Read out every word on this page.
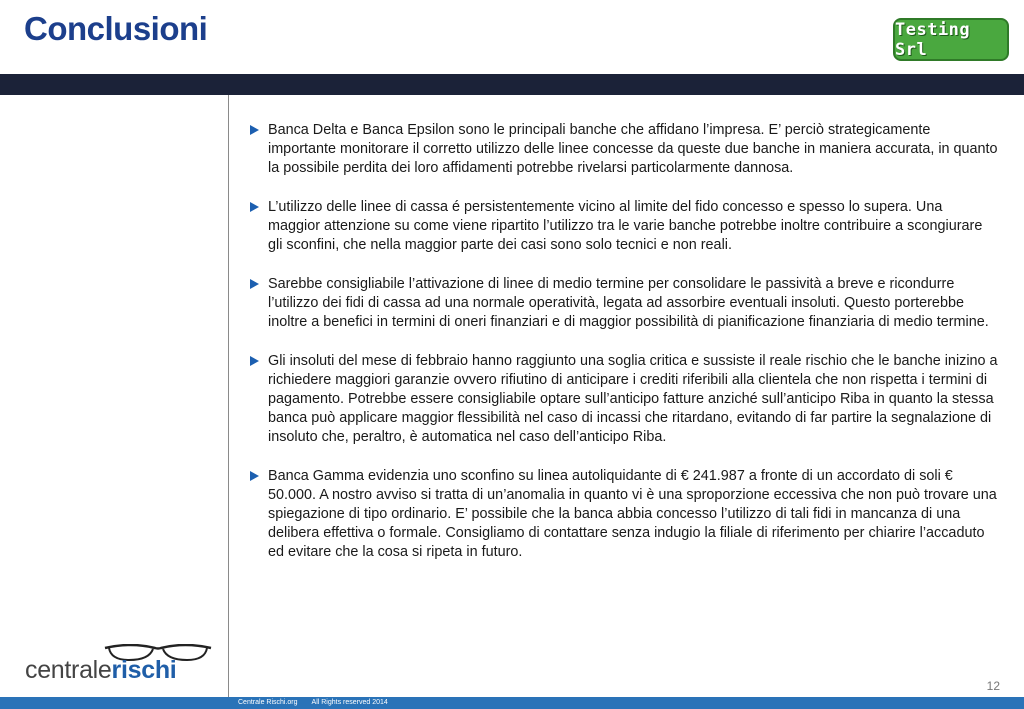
Conclusioni	Testing Srl
Banca Delta e Banca Epsilon sono le principali banche che affidano l’impresa. E’ perciò strategicamente importante monitorare il corretto utilizzo delle linee concesse da queste due banche in maniera accurata, in quanto la possibile perdita dei loro affidamenti potrebbe rivelarsi particolarmente dannosa.
L’utilizzo delle linee di cassa é persistentemente vicino al limite del fido concesso e spesso lo supera. Una maggior attenzione su come viene ripartito l’utilizzo tra le varie banche potrebbe inoltre contribuire a scongiurare gli sconfini, che nella maggior parte dei casi sono solo tecnici e non reali.
Sarebbe consigliabile l’attivazione di linee di medio termine per consolidare le passività a breve e ricondurre l’utilizzo dei fidi di cassa ad una normale operatività, legata ad assorbire eventuali insoluti. Questo porterebbe inoltre a benefici in termini di oneri finanziari e di maggior possibilità di pianificazione finanziaria di medio termine.
Gli insoluti del mese di febbraio hanno raggiunto una soglia critica e sussiste il reale rischio che le banche inizino a richiedere maggiori garanzie ovvero rifiutino di anticipare i crediti riferibili alla clientela che non rispetta i termini di pagamento. Potrebbe essere consigliabile optare sull’anticipo fatture anziché sull’anticipo Riba in quanto la stessa banca può applicare maggior flessibilità nel caso di incassi che ritardano, evitando di far partire la segnalazione di insoluto che, peraltro, è automatica nel caso dell’anticipo Riba.
Banca Gamma evidenzia uno sconfino su linea autoliquidante di € 241.987 a fronte di un accordato di soli € 50.000. A nostro avviso si tratta di un’anomalia in quanto vi è una sproporzione eccessiva che non può trovare una spiegazione di tipo ordinario. E’ possibile che la banca abbia concesso l’utilizzo di tali fidi in mancanza di una delibera effettiva o formale. Consigliamo di contattare senza indugio la filiale di riferimento per chiarire l’accaduto ed evitare che la cosa si ripeta in futuro.
centralerischi
12
Centrale Rischi.org All Rights reserved 2014
